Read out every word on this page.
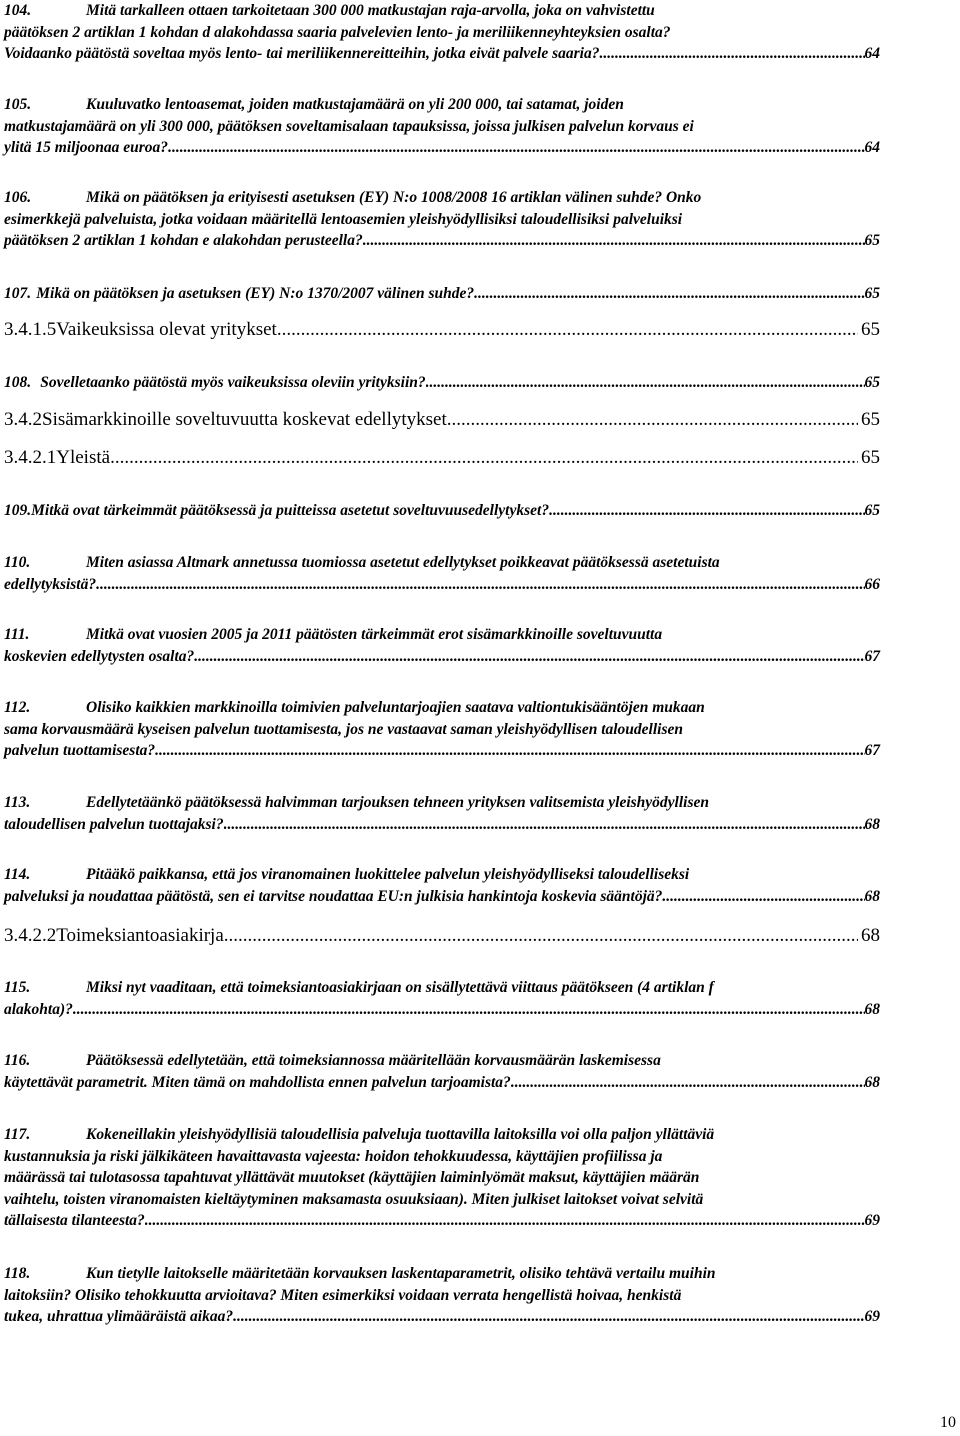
104.	Mitä tarkalleen ottaen tarkoitetaan 300 000 matkustajan raja-arvolla, joka on vahvistettu
päätöksen 2 artiklan 1 kohdan d alakohdassa saaria palvelevien lento- ja meriliikenneyhteyksien osalta?
Voidaanko päätöstä soveltaa myös lento- tai meriliikennereitteihin, jotka eivät palvele saaria? .....	64
105.	Kuuluvatko lentoasemat, joiden matkustajamäärä on yli 200 000, tai satamat, joiden
matkustajamäärä on yli 300 000, päätöksen soveltamisalaan tapauksissa, joissa julkisen palvelun korvaus ei
ylitä 15 miljoonaa euroa? .....	64
106.	Mikä on päätöksen ja erityisesti asetuksen (EY) N:o 1008/2008 16 artiklan välinen suhde? Onko
esimerkkejä palveluista, jotka voidaan määritellä lentoasemien yleishyödyllisiksi taloudellisiksi palveluiksi
päätöksen 2 artiklan 1 kohdan e alakohdan perusteella? .....	65
107. Mikä on päätöksen ja asetuksen (EY) N:o 1370/2007 välinen suhde? .....	65
3.4.1.5 Vaikeuksissa olevat yritykset .....	65
108. Sovelletaanko päätöstä myös vaikeuksissa oleviin yrityksiin? .....	65
3.4.2 Sisämarkkinoille soveltuvuutta koskevat edellytykset .....	65
3.4.2.1 Yleistä .....	65
109. Mitkä ovat tärkeimmät päätöksessä ja puitteissa asetetut soveltuvuusedellytykset? .....	65
110.	Miten asiassa Altmark annetussa tuomiossa asetetut edellytykset poikkeavat päätöksessä asetetuista
edellytyksistä? .....	66
111.	Mitkä ovat vuosien 2005 ja 2011 päätösten tärkeimmät erot sisämarkkinoille soveltuvuutta
koskevien edellytysten osalta? .....	67
112.	Olisiko kaikkien markkinoilla toimivien palveluntarjoajien saatava valtiontukisääntöjen mukaan
sama korvausmäärä kyseisen palvelun tuottamisesta, jos ne vastaavat saman yleishyödyllisen taloudellisen
palvelun tuottamisesta? .....	67
113.	Edellytetäänkö päätöksessä halvimman tarjouksen tehneen yrityksen valitsemista yleishyödyllisen
taloudellisen palvelun tuottajaksi? .....	68
114.	Pitääkö paikkansa, että jos viranomainen luokittelee palvelun yleishyödylliseksi taloudelliseksi
palveluksi ja noudattaa päätöstä, sen ei tarvitse noudattaa EU:n julkisia hankintoja koskevia sääntöjä? .....	68
3.4.2.2 Toimeksiantoasiakirja .....	68
115.	Miksi nyt vaaditaan, että toimeksiantoasiakirjaan on sisällytettävä viittaus päätökseen (4 artiklan f
alakohta)? .....	68
116.	Päätöksessä edellytetään, että toimeksiannossa määritellään korvausmäärän laskemisessa
käytettävät parametrit. Miten tämä on mahdollista ennen palvelun tarjoamista? .....	68
117.	Kokeneillakin yleishyödyllisiä taloudellisia palveluja tuottavilla laitoksilla voi olla paljon yllättäviä
kustannuksia ja riski jälkikäteen havaittavasta vajeesta: hoidon tehokkuudessa, käyttäjien profiilissa ja
määrässä tai tulotasossa tapahtuvat yllättävät muutokset (käyttäjien laiminlyömät maksut, käyttäjien määrän
vaihtelu, toisten viranomaisten kieltäytyminen maksamasta osuuksiaan). Miten julkiset laitokset voivat selvitä
tällaisesta tilanteesta? .....	69
118.	Kun tietylle laitokselle määritetään korvauksen laskentaparametrit, olisiko tehtävä vertailu muihin
laitoksiin? Olisiko tehokkuutta arvioitava? Miten esimerkiksi voidaan verrata hengellistä hoivaa, henkistä
tukea, uhrattua ylimääräistä aikaa? .....	69
10
